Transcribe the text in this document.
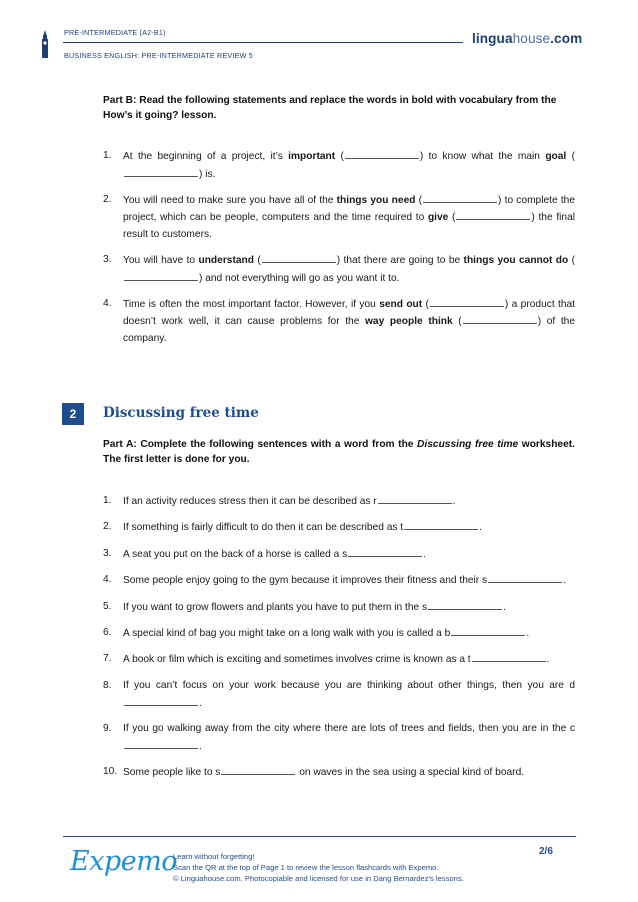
PRE-INTERMEDIATE (A2-B1)
BUSINESS ENGLISH: PRE-INTERMEDIATE REVIEW 5
linguahouse.com
Part B: Read the following statements and replace the words in bold with vocabulary from the How’s it going? lesson.
1. At the beginning of a project, it’s important (	) to know what the main goal () is.
2. You will need to make sure you have all of the things you need (	) to complete the project, which can be people, computers and the time required to give (	) the final result to customers.
3. You will have to understand (	) that there are going to be things you cannot do () and not everything will go as you want it to.
4. Time is often the most important factor. However, if you send out (	) a product that doesn’t work well, it can cause problems for the way people think (	) of the company.
2	Discussing free time
Part A: Complete the following sentences with a word from the Discussing free time worksheet. The first letter is done for you.
1. If an activity reduces stress then it can be described as r	.
2. If something is fairly difficult to do then it can be described as t	.
3. A seat you put on the back of a horse is called a s	.
4. Some people enjoy going to the gym because it improves their fitness and their s	.
5. If you want to grow flowers and plants you have to put them in the s	.
6. A special kind of bag you might take on a long walk with you is called a b	.
7. A book or film which is exciting and sometimes involves crime is known as a t	.
8. If you can’t focus on your work because you are thinking about other things, then you are d.
9. If you go walking away from the city where there are lots of trees and fields, then you are in the c.
10. Some people like to s	on waves in the sea using a special kind of board.
Expemo
Learn without forgetting!
Scan the QR at the top of Page 1 to review the lesson flashcards with Expemo.
© Linguahouse.com. Photocopiable and licensed for use in Dang Bernardez's lessons.
2/6
